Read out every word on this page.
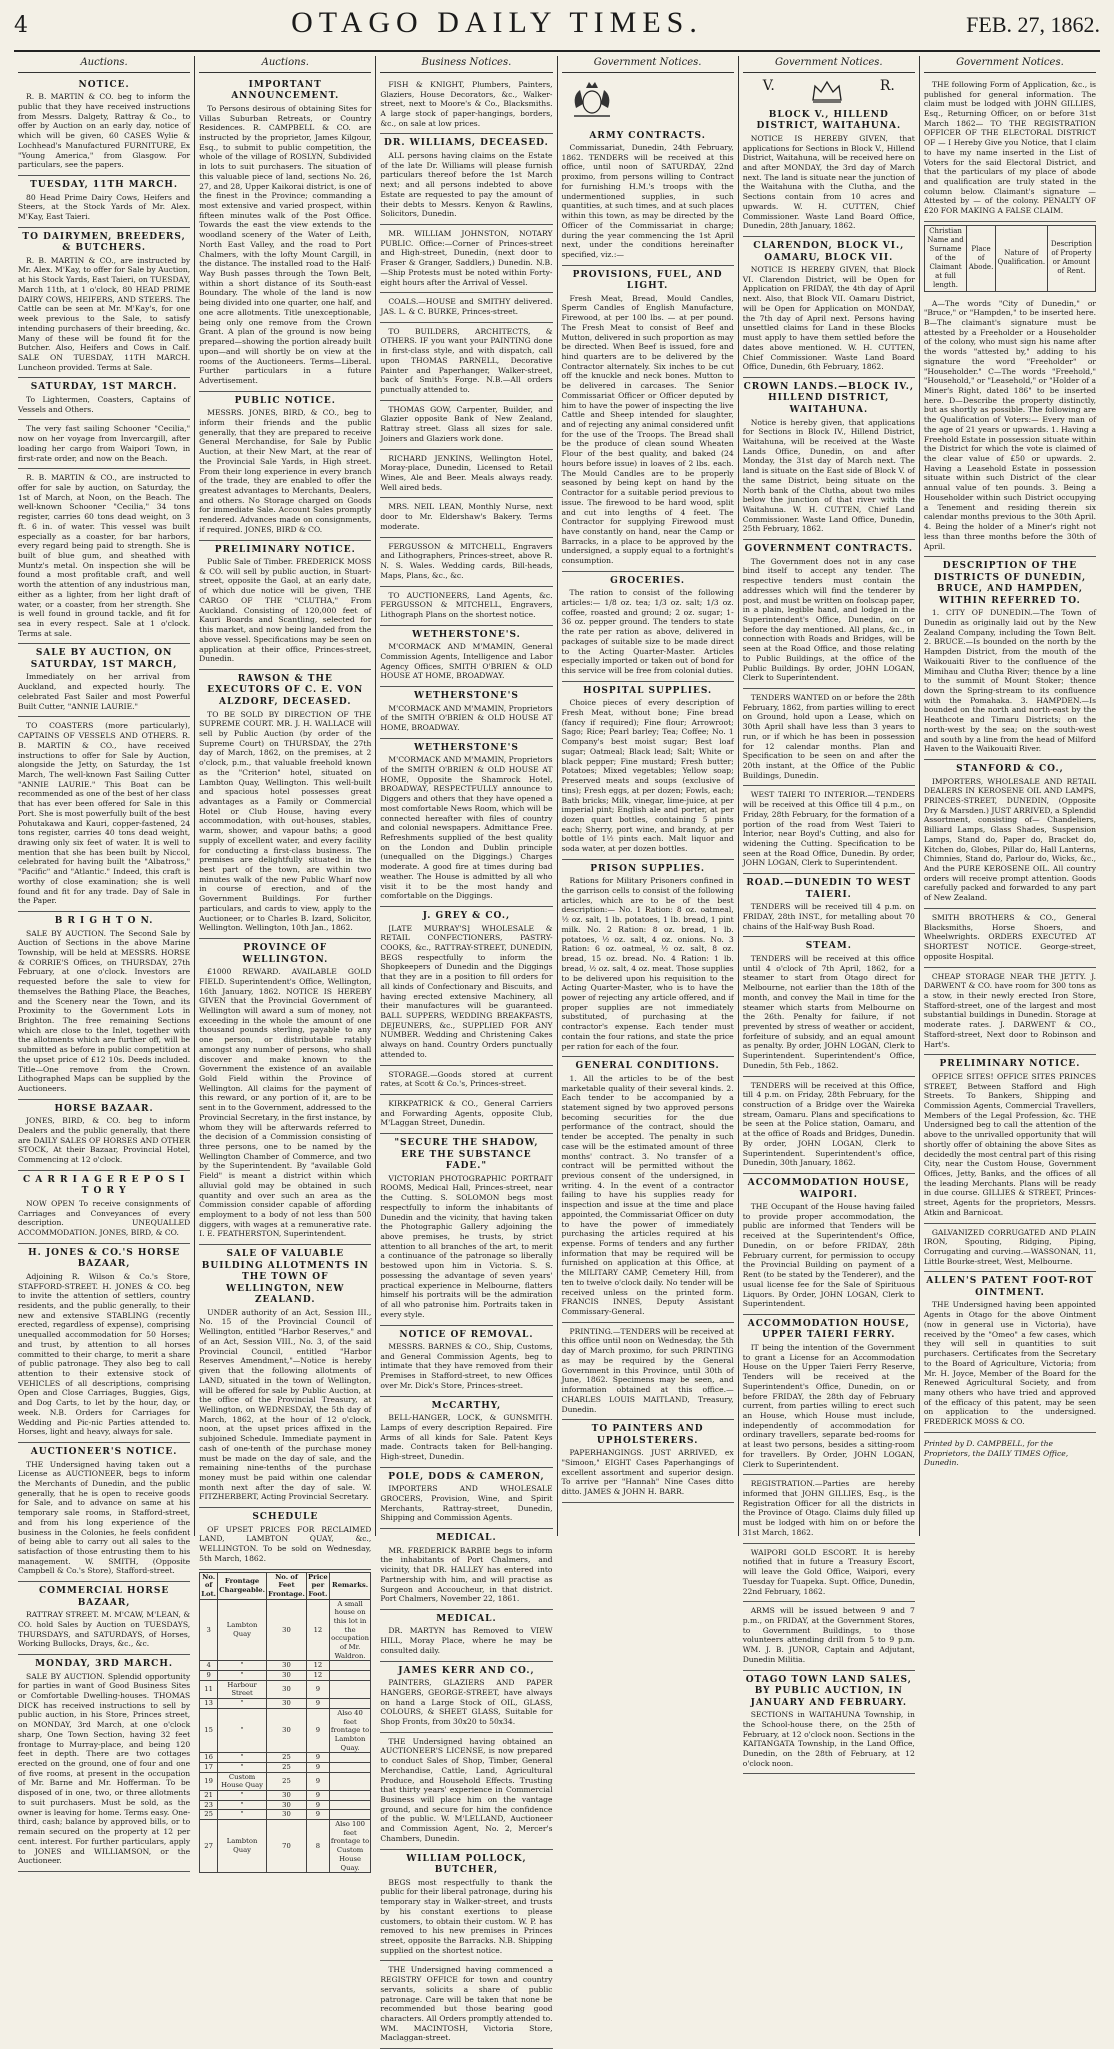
4	OTAGO DAILY TIMES.	FEB. 27, 1862.
Auctions.
NOTICE.
R. B. MARTIN & CO. beg to inform the public that they have received instructions from Messrs. Dalgety, Rattray & Co., to offer by Auction on an early day, notice of which will be given, 60 CASES Wylie & Lochhead's Manufactured FURNITURE, Ex "Young America," from Glasgow. For particulars, see the papers.
TUESDAY, 11TH MARCH.
80 Head Prime Dairy Cows, Heifers and Steers, at the Stock Yards of Mr. Alex. M'Kay, East Taieri.
TO DAIRYMEN, BREEDERS, & BUTCHERS.
R. B. MARTIN & CO., are instructed by Mr. Alex. M'Kay, to offer for Sale by Auction, at his Stock Yards, East Taieri, on TUESDAY, March 11th, at 1 o'clock, 80 HEAD PRIME DAIRY COWS, HEIFERS, AND STEERS. The Cattle can be seen at Mr. M'Kay's, for one week previous to the Sale, to satisfy intending purchasers of their breeding, &c. Many of these will be found fit for the Butcher. Also, Heifers and Cows in Calf. SALE ON TUESDAY, 11TH MARCH. Luncheon provided. Terms at Sale.
SATURDAY, 1ST MARCH.
To Lightermen, Coasters, Captains of Vessels and Others.
The very fast sailing Schooner "Cecilia," now on her voyage from Invercargill, after loading her cargo from Waipori Town, in first-rate order, and now on the Beach.
R. B. MARTIN & CO., are instructed to offer for sale by auction, on Saturday, the 1st of March, at Noon, on the Beach. The well-known Schooner "Cecilia," 34 tons register, carries 60 tons dead weight, on 3 ft. 6 in. of water. This vessel was built especially as a coaster, for bar harbors, every regard being paid to strength. She is built of blue gum, and sheathed with Muntz's metal. On inspection she will be found a most profitable craft, and well worth the attention of any industrious man, either as a lighter, from her light draft of water, or a coaster, from her strength. She is well found in ground tackle, and fit for sea in every respect. Sale at 1 o'clock. Terms at sale.
SALE BY AUCTION, ON SATURDAY, 1ST MARCH,
Immediately on her arrival from Auckland, and expected hourly. The celebrated Fast Sailer and most Powerful Built Cutter, "ANNIE LAURIE."
TO COASTERS (more particularly), CAPTAINS OF VESSELS AND OTHERS. R. B. MARTIN & CO., have received instructions to offer for Sale by Auction, alongside the Jetty, on Saturday, the 1st March, The well-known Fast Sailing Cutter "ANNIE LAURIE." This Boat can be recommended as one of the best of her class that has ever been offered for Sale in this Port. She is most powerfully built of the best Pohutakawa and Kauri, copper-fastened, 24 tons register, carries 40 tons dead weight, drawing only six feet of water. It is well to mention that she has been built by Niccol, celebrated for having built the "Albatross," "Pacific" and "Atlantic." Indeed, this craft is worthy of close examination; she is well found and fit for any trade. Day of Sale in the Paper.
B R I G H T O N.
SALE BY AUCTION. The Second Sale by Auction of Sections in the above Marine Township, will be held at MESSRS. HORSE & CORRIE'S Offices, on THURSDAY, 27th February, at one o'clock. Investors are requested before the sale to view for themselves the Bathing Place, the Beaches, and the Scenery near the Town, and its Proximity to the Government Lots in Brighton. The free remaining Sections which are close to the Inlet, together with the allotments which are further off, will be submitted as before in public competition at the upset price of £12 10s. Deeds included. Title—One remove from the Crown. Lithographed Maps can be supplied by the Auctioneers.
HORSE BAZAAR.
JONES, BIRD, & CO. beg to inform Dealers and the public generally, that there are DAILY SALES OF HORSES AND OTHER STOCK, At their Bazaar, Provincial Hotel, Commencing at 12 o'clock.
C A R R I A G E R E P O S I T O R Y
NOW OPEN To receive consignments of Carriages and Conveyances of every description. UNEQUALLED ACCOMMODATION. JONES, BIRD, & CO.
H. JONES & CO.'S HORSE BAZAAR,
Adjoining R. Wilson & Co.'s Store, STAFFORD-STREET. H. JONES & CO. beg to invite the attention of settlers, country residents, and the public generally, to their new and extensive STABLING (recently erected, regardless of expense), comprising unequalled accommodation for 50 Horses; and trust, by attention to all horses committed to their charge, to merit a share of public patronage. They also beg to call attention to their extensive stock of VEHICLES of all descriptions, comprising Open and Close Carriages, Buggies, Gigs, and Dog Carts, to let by the hour, day, or week. N.B. Orders for Carriages for Wedding and Pic-nic Parties attended to. Horses, light and heavy, always for sale.
AUCTIONEER'S NOTICE.
THE Undersigned having taken out a License as AUCTIONEER, begs to inform the Merchants of Dunedin, and the public generally, that he is open to receive goods for Sale, and to advance on same at his temporary sale rooms, in Stafford-street, and from his long experience of the business in the Colonies, he feels confident of being able to carry out all sales to the satisfaction of those entrusting them to his management. W. SMITH, (Opposite Campbell & Co.'s Store), Stafford-street.
COMMERCIAL HORSE BAZAAR,
RATTRAY STREET. M. M'CAW, M'LEAN, & CO. hold Sales by Auction on TUESDAYS, THURSDAYS, and SATURDAYS, of Horses, Working Bullocks, Drays, &c., &c.
MONDAY, 3RD MARCH.
SALE BY AUCTION. Splendid opportunity for parties in want of Good Business Sites or Comfortable Dwelling-houses. THOMAS DICK has received instructions to sell by public auction, in his Store, Princes street, on MONDAY, 3rd March, at one o'clock sharp, One Town Section, having 32 feet frontage to Murray-place, and being 120 feet in depth. There are two cottages erected on the ground, one of four and one of five rooms, at present in the occupation of Mr. Barne and Mr. Hofferman. To be disposed of in one, two, or three allotments to suit purchasers. Must be sold, as the owner is leaving for home. Terms easy. One-third, cash; balance by approved bills, or to remain secured on the property at 12 per cent. interest. For further particulars, apply to JONES and WILLIAMSON, or the Auctioneer.
Auctions.
IMPORTANT ANNOUNCEMENT.
To Persons desirous of obtaining Sites for Villas Suburban Retreats, or Country Residences. R. CAMPBELL & CO. are instructed by the proprietor, James Kilgour, Esq., to submit to public competition, the whole of the village of ROSLYN, Subdivided in lots to suit purchasers. The situation of this valuable piece of land, sections No. 26, 27, and 28, Upper Kaikorai district, is one of the finest in the Province; commanding a most extensive and varied prospect, within fifteen minutes walk of the Post Office. Towards the east the view extends to the woodland scenery of the Water of Leith, North East Valley, and the road to Port Chalmers, with the lofty Mount Cargill, in the distance. The installed road to the Half-Way Bush passes through the Town Belt, within a short distance of its South-east Boundary. The whole of the land is now being divided into one quarter, one half, and one acre allotments. Title unexceptionable, being only one remove from the Crown Grant. A plan of the ground is now being prepared—showing the portion already built upon—and will shortly be on view at the rooms of the Auctioneers. Terms—Liberal. Further particulars in a future Advertisement.
PUBLIC NOTICE.
MESSRS. JONES, BIRD, & CO., beg to inform their friends and the public generally, that they are prepared to receive General Merchandise, for Sale by Public Auction, at their New Mart, at the rear of the Provincial Sale Yards, in High street. From their long experience in every branch of the trade, they are enabled to offer the greatest advantages to Merchants, Dealers, and others. No Storage charged on Goods for immediate Sale. Account Sales promptly rendered. Advances made on consignments, if required. JONES, BIRD & CO.
PRELIMINARY NOTICE.
Public Sale of Timber. FREDERICK MOSS & CO. will sell by public auction, in Stuart-street, opposite the Gaol, at an early date, of which due notice will be given, THE CARGO OF THE "CLUTHA," From Auckland. Consisting of 120,000 feet of Kauri Boards and Scantling, selected for this market, and now being landed from the above vessel. Specifications may be seen on application at their office, Princes-street, Dunedin.
RAWSON & THE EXECUTORS OF C. E. VON ALZDORF, DECEASED.
TO BE SOLD BY DIRECTION OF THE SUPREME COURT. MR. J. H. WALLACE will sell by Public Auction (by order of the Supreme Court) on THURSDAY, the 27th day of March, 1862, on the premises, at 2 o'clock, p.m., that valuable freehold known as the "Criterion" hotel, situated on Lambton Quay, Wellington. This well-built and spacious hotel possesses great advantages as a Family or Commercial Hotel or Club House, having every accommodation, with out-houses, stables, warm, shower, and vapour baths; a good supply of excellent water, and every facility for conducting a first-class business. The premises are delightfully situated in the best part of the town, are within two minutes walk of the new Public Wharf now in course of erection, and of the Government Buildings. For further particulars, and cards to view, apply to the Auctioneer, or to Charles B. Izard, Solicitor, Wellington. Wellington, 10th Jan., 1862.
PROVINCE OF WELLINGTON.
£1000 REWARD. AVAILABLE GOLD FIELD. Superintendent's Office, Wellington, 16th January, 1862. NOTICE IS HEREBY GIVEN that the Provincial Government of Wellington will award a sum of money, not exceeding in the whole the amount of one thousand pounds sterling, payable to any one person, or distributable ratably amongst any number of persons, who shall discover and make known to the Government the existence of an available Gold Field within the Province of Wellington. All claims for the payment of this reward, or any portion of it, are to be sent in to the Government, addressed to the Provincial Secretary, in the first instance, by whom they will be afterwards referred to the decision of a Commission consisting of three persons, one to be named by the Wellington Chamber of Commerce, and two by the Superintendent. By "available Gold Field" is meant a district within which alluvial gold may be obtained in such quantity and over such an area as the Commission consider capable of affording employment to a body of not less than 500 diggers, with wages at a remunerative rate. I. E. FEATHERSTON, Superintendent.
SALE OF VALUABLE BUILDING ALLOTMENTS IN THE TOWN OF WELLINGTON, NEW ZEALAND.
UNDER authority of an Act, Session III., No. 15 of the Provincial Council of Wellington, entitled "Harbor Reserves," and of an Act, Session VIII., No. 3, of the said Provincial Council, entitled "Harbor Reserves Amendment,"—Notice is hereby given that the following allotments of LAND, situated in the town of Wellington, will be offered for sale by Public Auction, at the office of the Provincial Treasury, at Wellington, on WEDNESDAY, the 5th day of March, 1862, at the hour of 12 o'clock, noon, at the upset prices affixed in the subjoined Schedule. Immediate payment in cash of one-tenth of the purchase money must be made on the day of sale, and the remaining nine-tenths of the purchase money must be paid within one calendar month next after the day of sale. W. FITZHERBERT, Acting Provincial Secretary.
SCHEDULE
OF UPSET PRICES FOR RECLAIMED LAND, LAMBTON QUAY, &c., WELLINGTON. To be sold on Wednesday, 5th March, 1862.
No. of Lot.	Frontage Chargeable.	No. of Feet Frontage.	Price per Foot.	Remarks.
3	Lambton Quay	30	12	A small house on this lot in the occupation of Mr. Waldron.
4	"	30	12	
9	"	30	12	
11	Harbour Street	30	9	
13	"	30	9	
15	"	30	9	Also 40 feet frontage to Lambton Quay.
16	"	25	9	
17	"	25	9	
19	Custom House Quay	25	9	
21	"	30	9	
23	"	30	9	
25	"	30	9	
27	Lambton Quay	70	8	Also 100 feet frontage to Custom House Quay.
Business Notices.
FISH & KNIGHT, Plumbers, Painters, Glaziers, House Decorators, &c., Walker-street, next to Moore's & Co., Blacksmiths. A large stock of paper-hangings, borders, &c., on sale at low prices.
DR. WILLIAMS, DECEASED.
ALL persons having claims on the Estate of the late Dr. Williams will please furnish particulars thereof before the 1st March next; and all persons indebted to above Estate are requested to pay the amount of their debts to Messrs. Kenyon & Rawlins, Solicitors, Dunedin.
MR. WILLIAM JOHNSTON, NOTARY PUBLIC. Office:—Corner of Princes-street and High-street, Dunedin, (next door to Fraser & Granger, Saddlers,) Dunedin. N.B.—Ship Protests must be noted within Forty-eight hours after the Arrival of Vessel.
COALS.—HOUSE and SMITHY delivered. JAS. L. & C. BURKE, Princes-street.
TO BUILDERS, ARCHITECTS, & OTHERS. IF you want your PAINTING done in first-class style, and with dispatch, call upon THOMAS PARNELL, Decorative Painter and Paperhanger, Walker-street, back of Smith's Forge. N.B.—All orders punctually attended to.
THOMAS GOW, Carpenter, Builder, and Glazier opposite Bank of New Zealand, Rattray street. Glass all sizes for sale. Joiners and Glaziers work done.
RICHARD JENKINS, Wellington Hotel, Moray-place, Dunedin, Licensed to Retail Wines, Ale and Beer. Meals always ready. Well aired beds.
MRS. NEIL LEAN, Monthly Nurse, next door to Mr. Eldershaw's Bakery. Terms moderate.
FERGUSSON & MITCHELL, Engravers and Lithographers, Princes-street, above R. N. S. Wales. Wedding cards, Bill-heads, Maps, Plans, &c., &c.
TO AUCTIONEERS, Land Agents, &c. FERGUSSON & MITCHELL, Engravers, Lithograph Plans on the shortest notice.
WETHERSTONE'S.
M'CORMACK AND M'MAMIN, General Commission Agents, Intelligence and Labor Agency Offices, SMITH O'BRIEN & OLD HOUSE AT HOME, BROADWAY.
WETHERSTONE'S
M'CORMACK AND M'MAMIN, Proprietors of the SMITH O'BRIEN & OLD HOUSE AT HOME, BROADWAY.
WETHERSTONE'S
M'CORMACK AND M'MAMIN, Proprietors of the SMITH O'BRIEN & OLD HOUSE AT HOME, Opposite the Shamrock Hotel, BROADWAY, RESPECTFULLY announce to Diggers and others that they have opened a most comfortable News Room, which will be connected hereafter with files of country and colonial newspapers. Admittance Free. Refreshments supplied of the best quality on the London and Dublin principle (unequalled on the Diggings.) Charges moderate. A good fire at times during bad weather. The House is admitted by all who visit it to be the most handy and comfortable on the Diggings.
J. GREY & CO.,
[LATE MURRAY'S] WHOLESALE & RETAIL CONFECTIONERS, PASTRY-COOKS, &c., RATTRAY-STREET, DUNEDIN, BEGS respectfully to inform the Shopkeepers of Dunedin and the Diggings that they are in a position to fill orders for all kinds of Confectionary and Biscuits, and having erected extensive Machinery, all their manufactures will be guaranteed. BALL SUPPERS, WEDDING BREAKFASTS, DEJEUNERS, &c., SUPPLIED FOR ANY NUMBER. Wedding and Christening Cakes always on hand. Country Orders punctually attended to.
STORAGE.—Goods stored at current rates, at Scott & Co.'s, Princes-street.
KIRKPATRICK & CO., General Carriers and Forwarding Agents, opposite Club, M'Laggan Street, Dunedin.
"SECURE THE SHADOW, ERE THE SUBSTANCE FADE."
VICTORIAN PHOTOGRAPHIC PORTRAIT ROOMS, Medical Hall, Princes-street, near the Cutting. S. SOLOMON begs most respectfully to inform the inhabitants of Dunedin and the vicinity, that having taken the Photographic Gallery adjoining the above premises, he trusts, by strict attention to all branches of the art, to merit a continuance of the patronage so liberally bestowed upon him in Victoria. S. S. possessing the advantage of seven years' practical experience in Melbourne, flatters himself his portraits will be the admiration of all who patronise him. Portraits taken in every style.
NOTICE OF REMOVAL.
MESSRS. BARNES & CO., Ship, Customs, and General Commission Agents, beg to intimate that they have removed from their Premises in Stafford-street, to new Offices over Mr. Dick's Store, Princes-street.
McCARTHY,
BELL-HANGER, LOCK, & GUNSMITH. Lamps of every description Repaired. Fire Arms of all kinds for Sale. Patent Keys made. Contracts taken for Bell-hanging. High-street, Dunedin.
POLE, DODS & CAMERON,
IMPORTERS AND WHOLESALE GROCERS, Provision, Wine, and Spirit Merchants, Rattray-street, Dunedin, Shipping and Commission Agents.
MEDICAL.
MR. FREDERICK BARBIE begs to inform the inhabitants of Port Chalmers, and vicinity, that DR. HALLEY has entered into Partnership with him, and will practise as Surgeon and Accoucheur, in that district. Port Chalmers, November 22, 1861.
MEDICAL.
DR. MARTYN has Removed to VIEW HILL, Moray Place, where he may be consulted daily.
JAMES KERR AND CO.,
PAINTERS, GLAZIERS AND PAPER HANGERS, GEORGE-STREET, have always on hand a Large Stock of OIL, GLASS, COLOURS, & SHEET GLASS, Suitable for Shop Fronts, from 30x20 to 50x34.
THE Undersigned having obtained an AUCTIONEER'S LICENSE, is now prepared to conduct Sales of Shop, Timber, General Merchandise, Cattle, Land, Agricultural Produce, and Household Effects. Trusting that thirty years' experience in Commercial Business will place him on the vantage ground, and secure for him the confidence of the public. W. M'LELLAND, Auctioneer and Commission Agent, No. 2, Mercer's Chambers, Dunedin.
WILLIAM POLLOCK, BUTCHER,
BEGS most respectfully to thank the public for their liberal patronage, during his temporary stay in Walker-street, and trusts by his constant exertions to please customers, to obtain their custom. W. P. has removed to his new premises in Princes street, opposite the Barracks. N.B. Shipping supplied on the shortest notice.
THE Undersigned having commenced a REGISTRY OFFICE for town and country servants, solicits a share of public patronage. Care will be taken that none be recommended but those bearing good characters. All Orders promptly attended to. WM. MACINTOSH, Victoria Store, Maclaggan-street.
Government Notices.
ARMY CONTRACTS.
Commissariat, Dunedin, 24th February, 1862. TENDERS will be received at this office, until noon of SATURDAY, 22nd proximo, from persons willing to Contract for furnishing H.M.'s troops with the undermentioned supplies, in such quantities, at such times, and at such places within this town, as may be directed by the Officer of the Commissariat in charge; during the year commencing the 1st April next, under the conditions hereinafter specified, viz.:—
PROVISIONS, FUEL, AND LIGHT.
Fresh Meat, Bread, Mould Candles, Sperm Candles of English Manufacture, Firewood, at per 100 lbs. — at per pound. The Fresh Meat to consist of Beef and Mutton, delivered in such proportion as may be directed. When Beef is issued, fore and hind quarters are to be delivered by the Contractor alternately. Six inches to be cut off the knuckle and neck bones. Mutton to be delivered in carcases. The Senior Commissariat Officer or Officer deputed by him to have the power of inspecting the live Cattle and Sheep intended for slaughter, and of rejecting any animal considered unfit for the use of the Troops. The Bread shall be the produce of clean sound Wheaten Flour of the best quality, and baked (24 hours before issue) in loaves of 2 lbs. each. The Mould Candles are to be properly seasoned by being kept on hand by the Contractor for a suitable period previous to issue. The firewood to be hard wood, split and cut into lengths of 4 feet. The Contractor for supplying Firewood must have constantly on hand, near the Camp or Barracks, in a place to be approved by the undersigned, a supply equal to a fortnight's consumption.
GROCERIES.
The ration to consist of the following articles:— 1/8 oz. tea; 1/3 oz. salt; 1/3 oz. coffee, roasted and ground; 2 oz. sugar; 1-36 oz. pepper ground. The tenders to state the rate per ration as above, delivered in packages of suitable size to be made direct to the Acting Quarter-Master. Articles especially imported or taken out of bond for this service will be free from colonial duties.
HOSPITAL SUPPLIES.
Choice pieces of every description of Fresh Meat, without bone; Fine bread (fancy if required); Fine flour; Arrowroot; Sago; Rice; Pearl barley; Tea; Coffee; No. 1 Company's best moist sugar; Best loaf sugar; Oatmeal; Black lead; Salt; White or black pepper; Fine mustard; Fresh butter; Potatoes; Mixed vegetables; Yellow soap; Preserved meats and soups (exclusive of tins); Fresh eggs, at per dozen; Fowls, each; Bath bricks; Milk, vinegar, lime-juice, at per imperial pint; English ale and porter, at per dozen quart bottles, containing 5 pints each; Sherry, port wine, and brandy, at per bottle of 1½ pints each. Malt liquor and soda water, at per dozen bottles.
PRISON SUPPLIES.
Rations for Military Prisoners confined in the garrison cells to consist of the following articles, which are to be of the best description:— No. 1 Ration: 8 oz. oatmeal, ½ oz. salt, 1 lb. potatoes, 1 lb. bread, 1 pint milk. No. 2 Ration: 8 oz. bread, 1 lb. potatoes, ½ oz. salt, 4 oz. onions. No. 3 Ration: 6 oz. oatmeal, ½ oz. salt, 8 oz. bread, 15 oz. bread. No. 4 Ration: 1 lb. bread, ½ oz. salt, 4 oz. meat. Those supplies to be delivered upon his requisition to the Acting Quarter-Master, who is to have the power of rejecting any article offered, and if proper supplies are not immediately substituted, of purchasing at the contractor's expense. Each tender must contain the four rations, and state the price per ration for each of the four.
GENERAL CONDITIONS.
1. All the articles to be of the best marketable quality of their several kinds. 2. Each tender to be accompanied by a statement signed by two approved persons becoming securities for the due performance of the contract, should the tender be accepted. The penalty in such case will be the estimated amount of three months' contract. 3. No transfer of a contract will be permitted without the previous consent of the undersigned, in writing. 4. In the event of a contractor failing to have his supplies ready for inspection and issue at the time and place appointed, the Commissariat Officer on duty to have the power of immediately purchasing the articles required at his expense. Forms of tenders and any further information that may be required will be furnished on application at this Office, at the MILITARY CAMP, Cemetery Hill, from ten to twelve o'clock daily. No tender will be received unless on the printed form. FRANCIS INNES, Deputy Assistant Commissary-General.
PRINTING.—TENDERS will be received at this office until noon on Wednesday, the 5th day of March proximo, for such PRINTING as may be required by the General Government in this Province, until 30th of June, 1862. Specimens may be seen, and information obtained at this office.—CHARLES LOUIS MAITLAND, Treasury, Dunedin.
TO PAINTERS AND UPHOLSTERERS.
PAPERHANGINGS. JUST ARRIVED, ex "Simoon," EIGHT Cases Paperhangings of excellent assortment and superior design. To arrive per "Hannah" Nine Cases ditto ditto. JAMES & JOHN H. BARR.
Government Notices.
V.	R.
BLOCK V., HILLEND DISTRICT, WAITAHUNA.
NOTICE IS HEREBY GIVEN, that applications for Sections in Block V., Hillend District, Waitahuna, will be received here on and after MONDAY, the 3rd day of March next. The land is situate near the junction of the Waitahuna with the Clutha, and the Sections contain from 10 acres and upwards. W. H. CUTTEN, Chief Commissioner. Waste Land Board Office, Dunedin, 28th January, 1862.
CLARENDON, BLOCK VI., OAMARU, BLOCK VII.
NOTICE IS HEREBY GIVEN, that Block VI. Clarendon District, will be Open for Application on FRIDAY, the 4th day of April next. Also, that Block VII. Oamaru District, will be Open for Application on MONDAY, the 7th day of April next. Persons having unsettled claims for Land in these Blocks must apply to have them settled before the dates above mentioned. W. H. CUTTEN, Chief Commissioner. Waste Land Board Office, Dunedin, 6th February, 1862.
CROWN LANDS.—BLOCK IV., HILLEND DISTRICT, WAITAHUNA.
Notice is hereby given, that applications for Sections in Block IV., Hillend District, Waitahuna, will be received at the Waste Lands Office, Dunedin, on and after Monday, the 31st day of March next. The land is situate on the East side of Block V. of the same District, being situate on the North bank of the Clutha, about two miles below the junction of that river with the Waitahuna. W. H. CUTTEN, Chief Land Commissioner. Waste Land Office, Dunedin, 25th February, 1862.
GOVERNMENT CONTRACTS.
The Government does not in any case bind itself to accept any tender. The respective tenders must contain the addresses which will find the tenderer by post, and must be written on foolscap paper, in a plain, legible hand, and lodged in the Superintendent's Office, Dunedin, on or before the day mentioned. All plans, &c., in connection with Roads and Bridges, will be seen at the Road Office, and those relating to Public Buildings, at the office of the Public Buildings. By order, JOHN LOGAN, Clerk to Superintendent.
TENDERS WANTED on or before the 28th February, 1862, from parties willing to erect on Ground, hold upon a Lease, which on 30th April shall have less than 3 years to run, or if which he has been in possession for 12 calendar months. Plan and Specification to be seen on and after the 20th instant, at the Office of the Public Buildings, Dunedin.
WEST TAIERI TO INTERIOR.—TENDERS will be received at this Office till 4 p.m., on Friday, 28th February, for the formation of a portion of the road from West Taieri to Interior, near Boyd's Cutting, and also for widening the Cutting. Specification to be seen at the Road Office, Dunedin. By order, JOHN LOGAN, Clerk to Superintendent.
ROAD.—DUNEDIN TO WEST TAIERI.
TENDERS will be received till 4 p.m. on FRIDAY, 28th INST., for metalling about 70 chains of the Half-way Bush Road.
STEAM.
TENDERS will be received at this office until 4 o'clock of 7th April, 1862, for a steamer to start from Otago direct for Melbourne, not earlier than the 18th of the month, and convey the Mail in time for the steamer which starts from Melbourne on the 26th. Penalty for failure, if not prevented by stress of weather or accident, forfeiture of subsidy, and an equal amount as penalty. By order, JOHN LOGAN, Clerk to Superintendent. Superintendent's Office, Dunedin, 5th Feb., 1862.
TENDERS will be received at this Office, till 4 p.m. on Friday, 28th February, for the construction of a Bridge over the Waireka stream, Oamaru. Plans and specifications to be seen at the Police station, Oamaru, and at the office of Roads and Bridges, Dunedin. By order, JOHN LOGAN, Clerk to Superintendent. Superintendent's office, Dunedin, 30th January, 1862.
ACCOMMODATION HOUSE, WAIPORI.
THE Occupant of the House having failed to provide proper accommodation, the public are informed that Tenders will be received at the Superintendent's Office, Dunedin, on or before FRIDAY, 28th February current, for permission to occupy the Provincial Building on payment of a Rent (to be stated by the Tenderer), and the usual license fee for the Sale of Spirituous Liquors. By Order, JOHN LOGAN, Clerk to Superintendent.
ACCOMMODATION HOUSE, UPPER TAIERI FERRY.
IT being the intention of the Government to grant a License for an Accommodation House on the Upper Taieri Ferry Reserve, Tenders will be received at the Superintendent's Office, Dunedin, on or before FRIDAY, the 28th day of February current, from parties willing to erect such an House, which House must include, independently of accommodation for ordinary travellers, separate bed-rooms for at least two persons, besides a sitting-room for travellers. By Order, JOHN LOGAN, Clerk to Superintendent.
REGISTRATION.—Parties are hereby informed that JOHN GILLIES, Esq., is the Registration Officer for all the districts in the Province of Otago. Claims duly filled up must be lodged with him on or before the 31st March, 1862.
WAIPORI GOLD ESCORT. It is hereby notified that in future a Treasury Escort, will leave the Gold Office, Waipori, every Tuesday for Tuapeka. Supt. Office, Dunedin, 22nd February, 1862.
ARMS will be issued between 9 and 7 p.m., on FRIDAY, at the Government Stores, to Government Buildings, to those volunteers attending drill from 5 to 9 p.m. WM. J. B. JUNOR, Captain and Adjutant, Dunedin Militia.
OTAGO TOWN LAND SALES, BY PUBLIC AUCTION, IN JANUARY AND FEBRUARY.
SECTIONS in WAITAHUNA Township, in the School-house there, on the 25th of February, at 12 o'clock noon. Sections in the KAITANGATA Township, in the Land Office, Dunedin, on the 28th of February, at 12 o'clock noon.
Government Notices.
THE following Form of Application, &c., is published for general information. The claim must be lodged with JOHN GILLIES, Esq., Returning Officer, on or before 31st March 1862— TO THE REGISTRATION OFFICER OF THE ELECTORAL DISTRICT OF — I Hereby Give you Notice, that I claim to have my name inserted in the List of Voters for the said Electoral District, and that the particulars of my place of abode and qualification are truly stated in the column below. Claimant's signature — Attested by — of the colony. PENALTY OF £20 FOR MAKING A FALSE CLAIM.
Christian Name and Surname of the Claimant at full length.	Place of Abode.	Nature of Qualification.	Description of Property or Amount of Rent.
A—The words "City of Dunedin," or "Bruce," or "Hampden," to be inserted here. B—The claimant's signature must be attested by a Freeholder or a Householder of the colony, who must sign his name after the words "attested by," adding to his signature the word "Freeholder" or "Householder." C—The words "Freehold," "Household," or "Leasehold," or "Holder of a Miner's Right, dated 186" to be inserted here. D—Describe the property distinctly, but as shortly as possible. The following are the Qualification of Voters:— Every man of the age of 21 years or upwards. 1. Having a Freehold Estate in possession situate within the District for which the vote is claimed of the clear value of £50 or upwards. 2. Having a Leasehold Estate in possession situate within such District of the clear annual value of ten pounds. 3. Being a Householder within such District occupying a Tenement and residing therein six calendar months previous to the 30th April. 4. Being the holder of a Miner's right not less than three months before the 30th of April.
DESCRIPTION OF THE DISTRICTS OF DUNEDIN, BRUCE, AND HAMPDEN, WITHIN REFERRED TO.
1. CITY OF DUNEDIN.—The Town of Dunedin as originally laid out by the New Zealand Company, including the Town Belt. 2. BRUCE.—Is bounded on the north by the Hampden District, from the mouth of the Waikouaiti River to the confluence of the Mimihau and Clutha River; thence by a line to the summit of Mount Stoker; thence down the Spring-stream to its confluence with the Pomahaka. 3. HAMPDEN.—Is bounded on the north and north-east by the Heathcote and Timaru Districts; on the north-west by the sea; on the south-west and south by a line from the head of Milford Haven to the Waikouaiti River.
STANFORD & CO.,
IMPORTERS, WHOLESALE AND RETAIL DEALERS IN KEROSENE OIL AND LAMPS, PRINCES-STREET, DUNEDIN, (Opposite Dry & Marsden.) JUST ARRIVED, a Splendid Assortment, consisting of— Chandeliers, Billiard Lamps, Glass Shades, Suspension Lamps, Stand do, Paper do, Bracket do, Kitchen do, Globes, Pillar do, Hall Lanterns, Chimnies, Stand do, Parlour do, Wicks, &c., And the PURE KEROSENE OIL. All country orders will receive prompt attention. Goods carefully packed and forwarded to any part of New Zealand.
SMITH BROTHERS & CO., General Blacksmiths, Horse Shoers, and Wheelwrights. ORDERS EXECUTED AT SHORTEST NOTICE. George-street, opposite Hospital.
CHEAP STORAGE NEAR THE JETTY. J. DARWENT & CO. have room for 300 tons as a stow, in their newly erected Iron Store, Stafford-street, one of the largest and most substantial buildings in Dunedin. Storage at moderate rates. J. DARWENT & CO., Stafford-street, Next door to Robinson and Hart's.
PRELIMINARY NOTICE.
OFFICE SITES! OFFICE SITES PRINCES STREET, Between Stafford and High Streets. To Bankers, Shipping and Commission Agents, Commercial Travellers, Members of the Legal Profession, &c. THE Undersigned beg to call the attention of the above to the unrivalled opportunity that will shortly offer of obtaining the above Sites as decidedly the most central part of this rising City, near the Custom House, Government Offices, Jetty, Banks, and the offices of all the leading Merchants. Plans will be ready in due course. GILLIES & STREET, Princes-street, Agents for the proprietors, Messrs. Atkin and Barnicoat.
GALVANIZED CORRUGATED AND PLAIN IRON, Spouting, Ridging, Piping, Corrugating and curving.—WASSONAN, 11, Little Bourke-street, West, Melbourne.
ALLEN'S PATENT FOOT-ROT OINTMENT.
THE Undersigned having been appointed Agents in Otago for the above Ointment (now in general use in Victoria), have received by the "Omeo" a few cases, which they will sell in quantities to suit purchasers. Certificates from the Secretary to the Board of Agriculture, Victoria; from Mr. H. Joyce, Member of the Board for the Renewed Agricultural Society, and from many others who have tried and approved of the efficacy of this patent, may be seen on application to the undersigned. FREDERICK MOSS & CO.
Printed by D. CAMPBELL, for the Proprietors, the DAILY TIMES Office, Dunedin.
